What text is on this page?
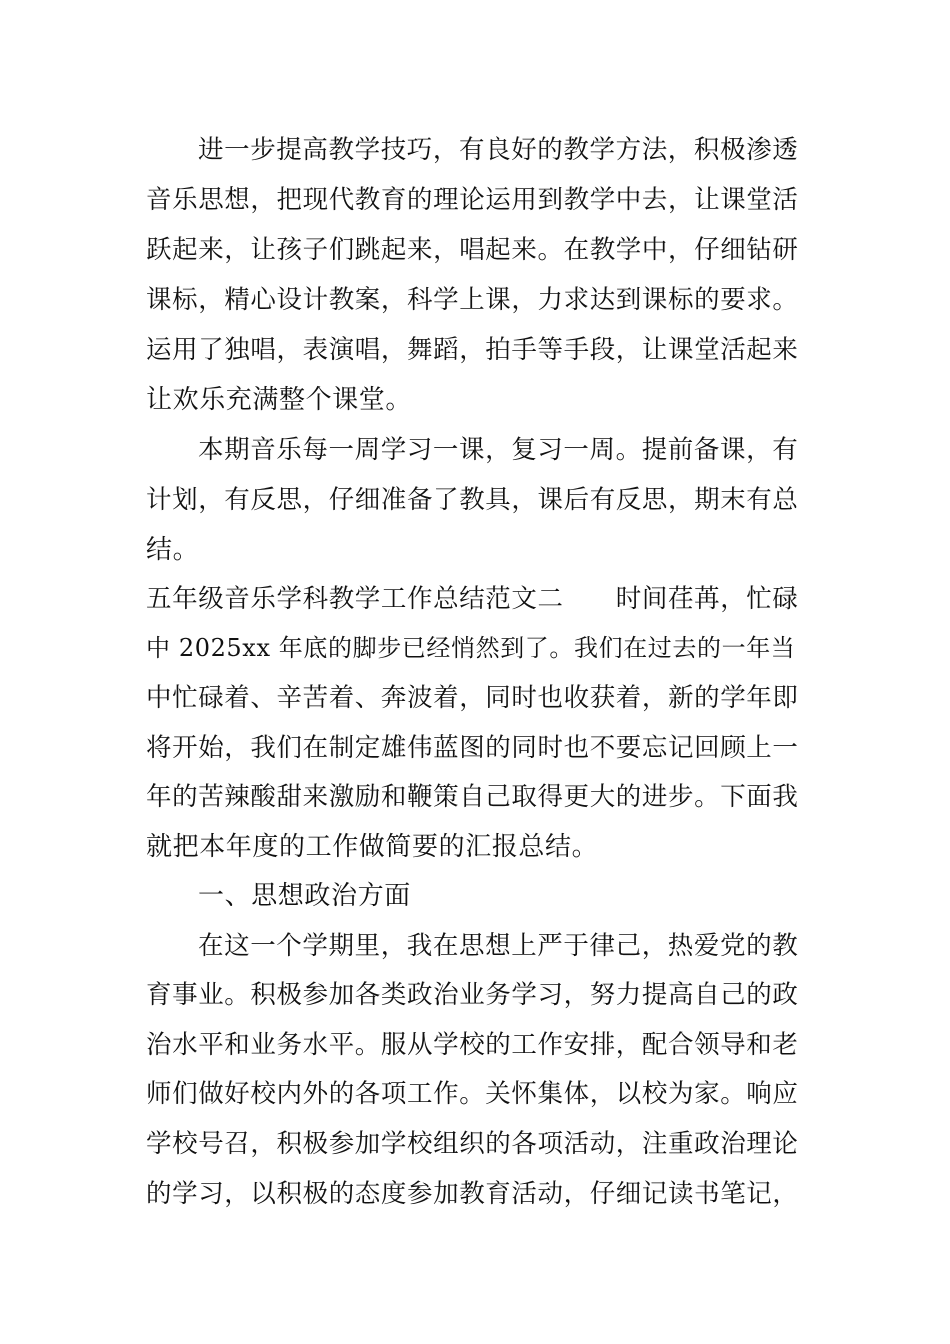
进一步提高教学技巧，有良好的教学方法，积极渗透
音乐思想，把现代教育的理论运用到教学中去，让课堂活
跃起来，让孩子们跳起来，唱起来。在教学中，仔细钻研
课标，精心设计教案，科学上课，力求达到课标的要求。
运用了独唱，表演唱，舞蹈，拍手等手段，让课堂活起来
让欢乐充满整个课堂。
本期音乐每一周学习一课，复习一周。提前备课，有
计划，有反思，仔细准备了教具，课后有反思，期末有总
结。
五年级音乐学科教学工作总结范文二　　时间荏苒，忙碌
中 2025xx 年底的脚步已经悄然到了。我们在过去的一年当
中忙碌着、辛苦着、奔波着，同时也收获着，新的学年即
将开始，我们在制定雄伟蓝图的同时也不要忘记回顾上一
年的苦辣酸甜来激励和鞭策自己取得更大的进步。下面我
就把本年度的工作做简要的汇报总结。
一、思想政治方面
在这一个学期里，我在思想上严于律己，热爱党的教
育事业。积极参加各类政治业务学习，努力提高自己的政
治水平和业务水平。服从学校的工作安排，配合领导和老
师们做好校内外的各项工作。关怀集体，以校为家。响应
学校号召，积极参加学校组织的各项活动，注重政治理论
的学习，以积极的态度参加教育活动，仔细记读书笔记，
